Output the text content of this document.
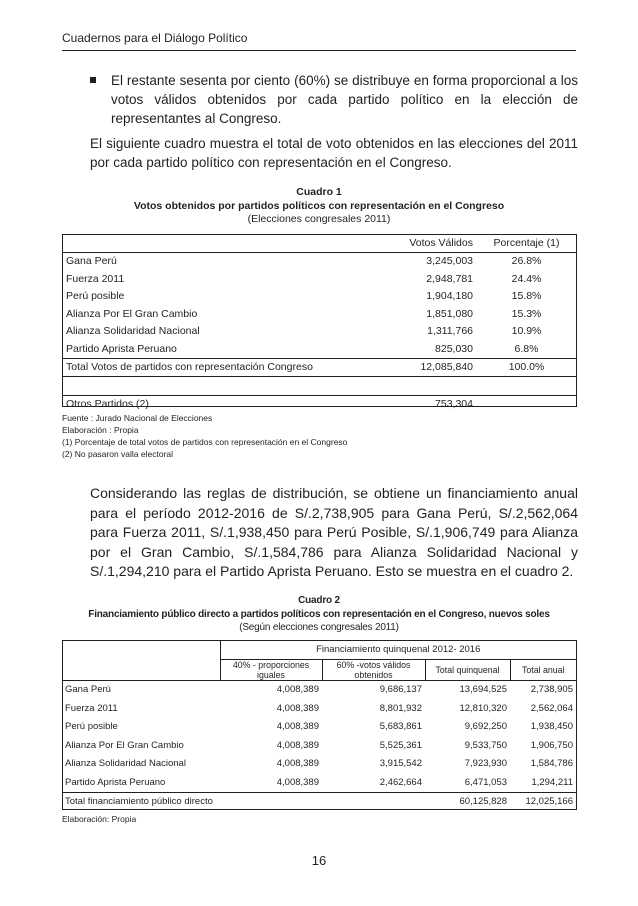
Cuadernos para el Diálogo Político
El restante sesenta por ciento (60%) se distribuye en forma proporcional a los votos válidos obtenidos por cada partido político en la elección de representantes al Congreso.
El siguiente cuadro muestra el total de voto obtenidos en las elecciones del 2011 por cada partido político con representación en el Congreso.
Cuadro 1
Votos obtenidos por partidos políticos con representación en el Congreso
(Elecciones congresales 2011)
	Votos Válidos	Porcentaje (1)
Gana Perú	3,245,003	26.8%
Fuerza 2011	2,948,781	24.4%
Perú posible	1,904,180	15.8%
Alianza Por El Gran Cambio	1,851,080	15.3%
Alianza Solidaridad Nacional	1,311,766	10.9%
Partido Aprista Peruano	825,030	6.8%
Total Votos de partidos con representación Congreso	12,085,840	100.0%

Otros Partidos (2)	753,304	
Fuente : Jurado Nacional de Elecciones
Elaboración : Propia
(1) Porcentaje de total votos de partidos con representación en el Congreso
(2) No pasaron valla electoral
Considerando las reglas de distribución, se obtiene un financiamiento anual para el período 2012-2016 de S/.2,738,905 para Gana Perú, S/.2,562,064 para Fuerza 2011, S/.1,938,450 para Perú Posible, S/.1,906,749 para Alianza por el Gran Cambio, S/.1,584,786 para Alianza Solidaridad Nacional y S/.1,294,210 para el Partido Aprista Peruano. Esto se muestra en el cuadro 2.
Cuadro 2
Financiamiento público directo a partidos políticos con representación en el Congreso, nuevos soles
(Según elecciones congresales 2011)
	Financiamiento quinquenal 2012- 2016			
	40% - proporciones iguales	60% -votos válidos obtenidos	Total quinquenal	Total anual
Gana Perú	4,008,389	9,686,137	13,694,525	2,738,905
Fuerza 2011	4,008,389	8,801,932	12,810,320	2,562,064
Perú posible	4,008,389	5,683,861	9,692,250	1,938,450
Alianza Por El Gran Cambio	4,008,389	5,525,361	9,533,750	1,906,750
Alianza Solidaridad Nacional	4,008,389	3,915,542	7,923,930	1,584,786
Partido Aprista Peruano	4,008,389	2,462,664	6,471,053	1,294,211
Total financiamiento público directo			60,125,828	12,025,166
Elaboración: Propia
16
